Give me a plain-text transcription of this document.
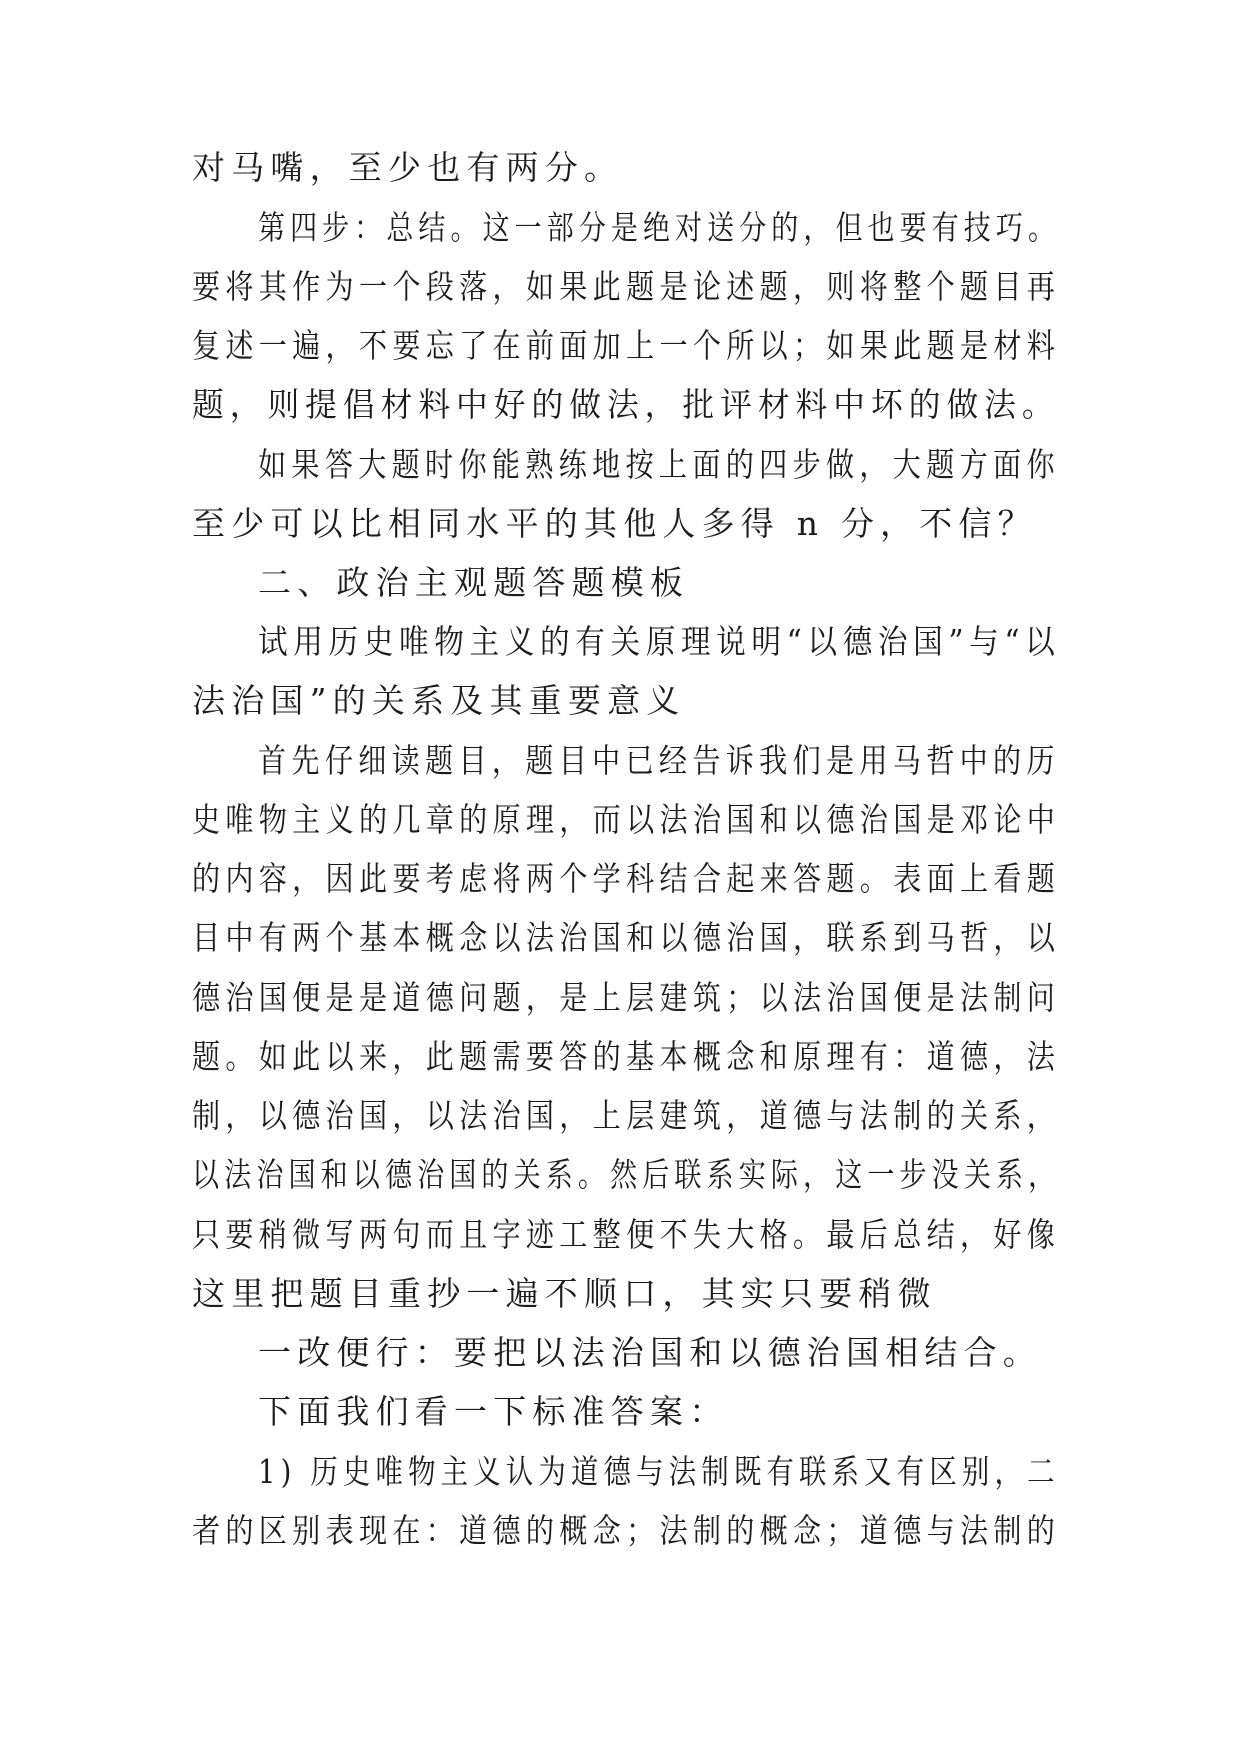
对马嘴，至少也有两分。
第四步：总结。这一部分是绝对送分的，但也要有技巧。
要将其作为一个段落，如果此题是论述题，则将整个题目再
复述一遍，不要忘了在前面加上一个所以；如果此题是材料
题，则提倡材料中好的做法，批评材料中坏的做法。
如果答大题时你能熟练地按上面的四步做，大题方面你
至少可以比相同水平的其他人多得 n 分，不信？
二、政治主观题答题模板
试用历史唯物主义的有关原理说明“以德治国”与“以
法治国”的关系及其重要意义
首先仔细读题目，题目中已经告诉我们是用马哲中的历
史唯物主义的几章的原理，而以法治国和以德治国是邓论中
的内容，因此要考虑将两个学科结合起来答题。表面上看题
目中有两个基本概念以法治国和以德治国，联系到马哲，以
德治国便是是道德问题，是上层建筑；以法治国便是法制问
题。如此以来，此题需要答的基本概念和原理有：道德，法
制，以德治国，以法治国，上层建筑，道德与法制的关系，
以法治国和以德治国的关系。然后联系实际，这一步没关系，
只要稍微写两句而且字迹工整便不失大格。最后总结，好像
这里把题目重抄一遍不顺口，其实只要稍微
一改便行：要把以法治国和以德治国相结合。
下面我们看一下标准答案：
1) 历史唯物主义认为道德与法制既有联系又有区别，二
者的区别表现在：道德的概念；法制的概念；道德与法制的
